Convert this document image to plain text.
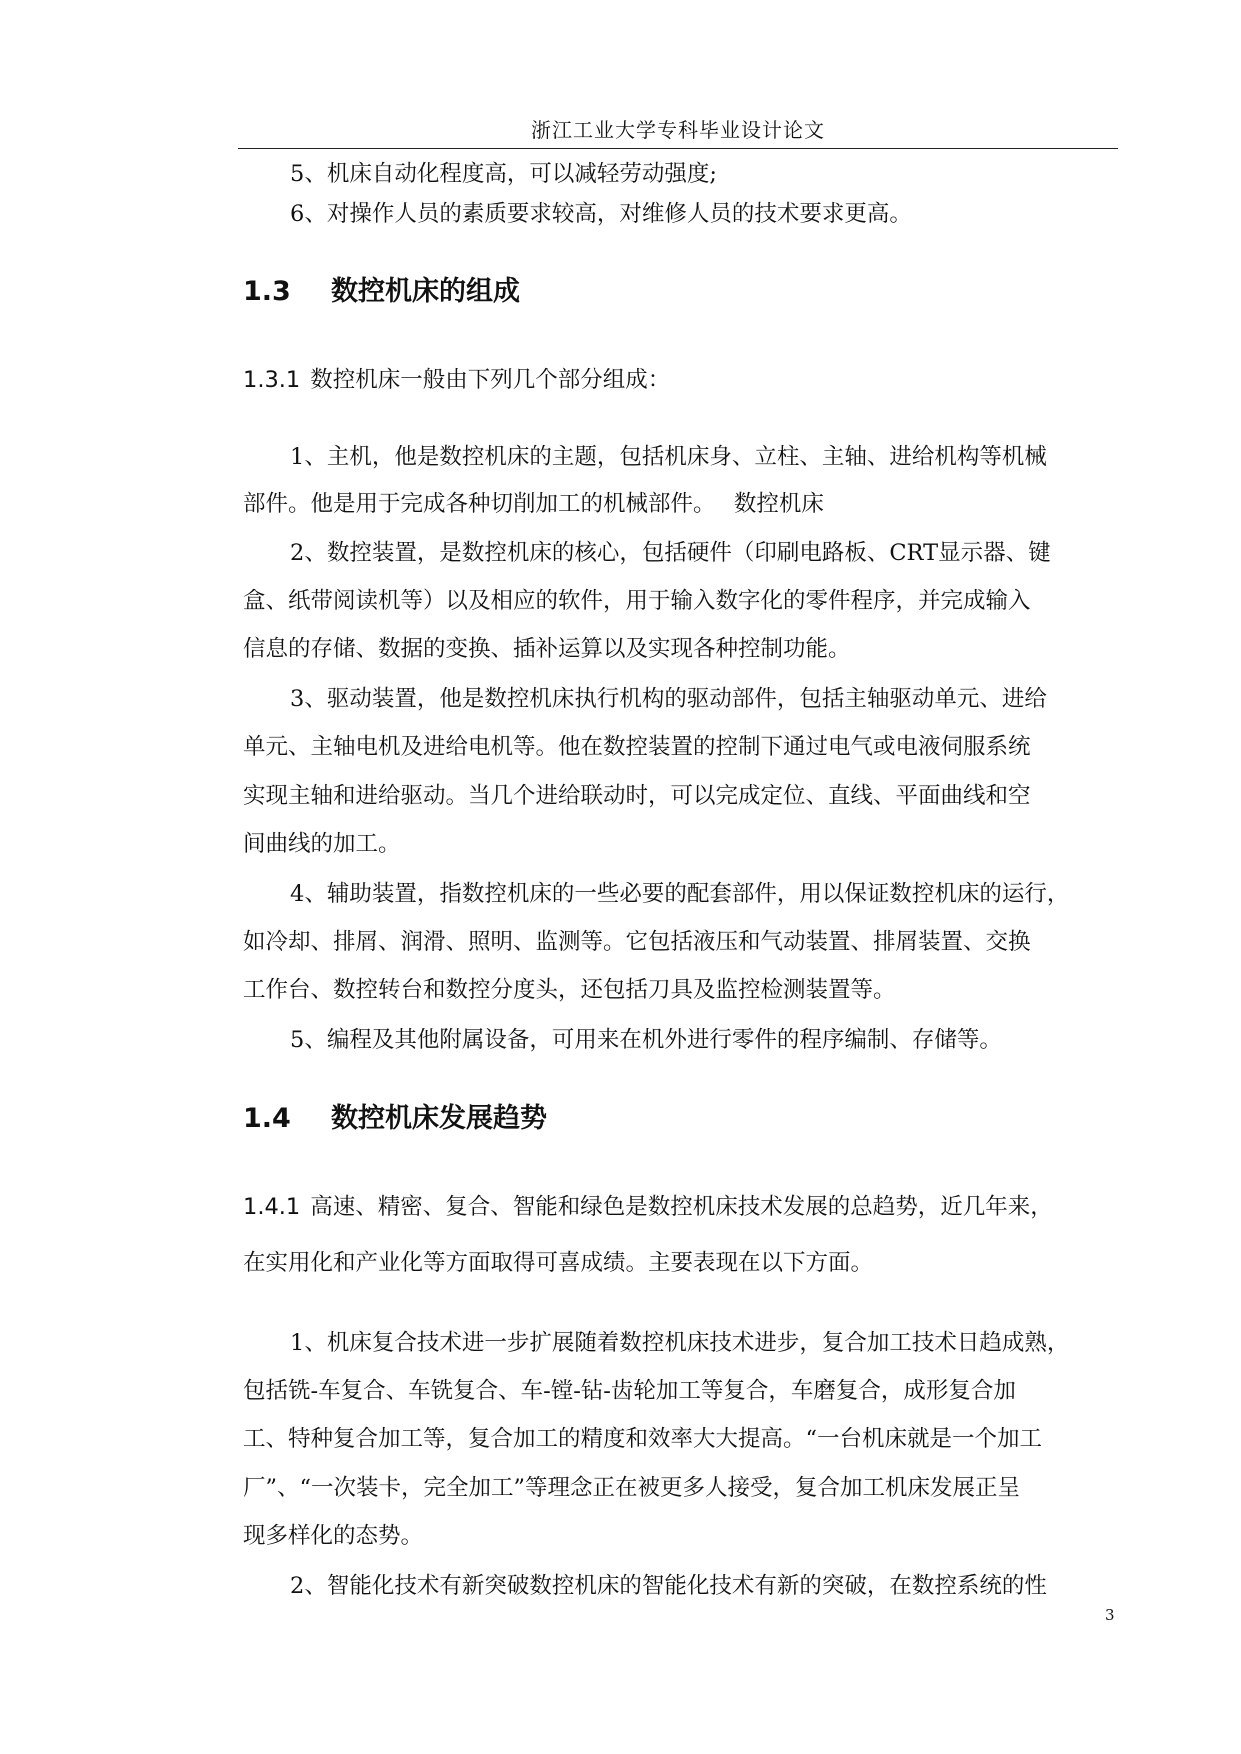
浙江工业大学专科毕业设计论文
5、机床自动化程度高，可以减轻劳动强度;
6、对操作人员的素质要求较高，对维修人员的技术要求更高。
1.3 数控机床的组成
1.3.1 数控机床一般由下列几个部分组成：
1、主机，他是数控机床的主题，包括机床身、立柱、主轴、进给机构等机械
部件。他是用于完成各种切削加工的机械部件。　 数控机床
2、数控装置，是数控机床的核心，包括硬件（印刷电路板、CRT显示器、键
盒、纸带阅读机等）以及相应的软件，用于输入数字化的零件程序，并完成输入
信息的存储、数据的变换、插补运算以及实现各种控制功能。
3、驱动装置，他是数控机床执行机构的驱动部件，包括主轴驱动单元、进给
单元、主轴电机及进给电机等。他在数控装置的控制下通过电气或电液伺服系统
实现主轴和进给驱动。当几个进给联动时，可以完成定位、直线、平面曲线和空
间曲线的加工。
4、辅助装置，指数控机床的一些必要的配套部件，用以保证数控机床的运行，
如冷却、排屑、润滑、照明、监测等。它包括液压和气动装置、排屑装置、交换
工作台、数控转台和数控分度头，还包括刀具及监控检测装置等。
5、编程及其他附属设备，可用来在机外进行零件的程序编制、存储等。
1.4 数控机床发展趋势
1.4.1 高速、精密、复合、智能和绿色是数控机床技术发展的总趋势，近几年来，
在实用化和产业化等方面取得可喜成绩。主要表现在以下方面。
1、机床复合技术进一步扩展随着数控机床技术进步，复合加工技术日趋成熟，
包括铣-车复合、车铣复合、车-镗-钻-齿轮加工等复合，车磨复合，成形复合加
工、特种复合加工等，复合加工的精度和效率大大提高。“一台机床就是一个加工
厂”、“一次装卡，完全加工”等理念正在被更多人接受，复合加工机床发展正呈
现多样化的态势。
2、智能化技术有新突破数控机床的智能化技术有新的突破，在数控系统的性
3
